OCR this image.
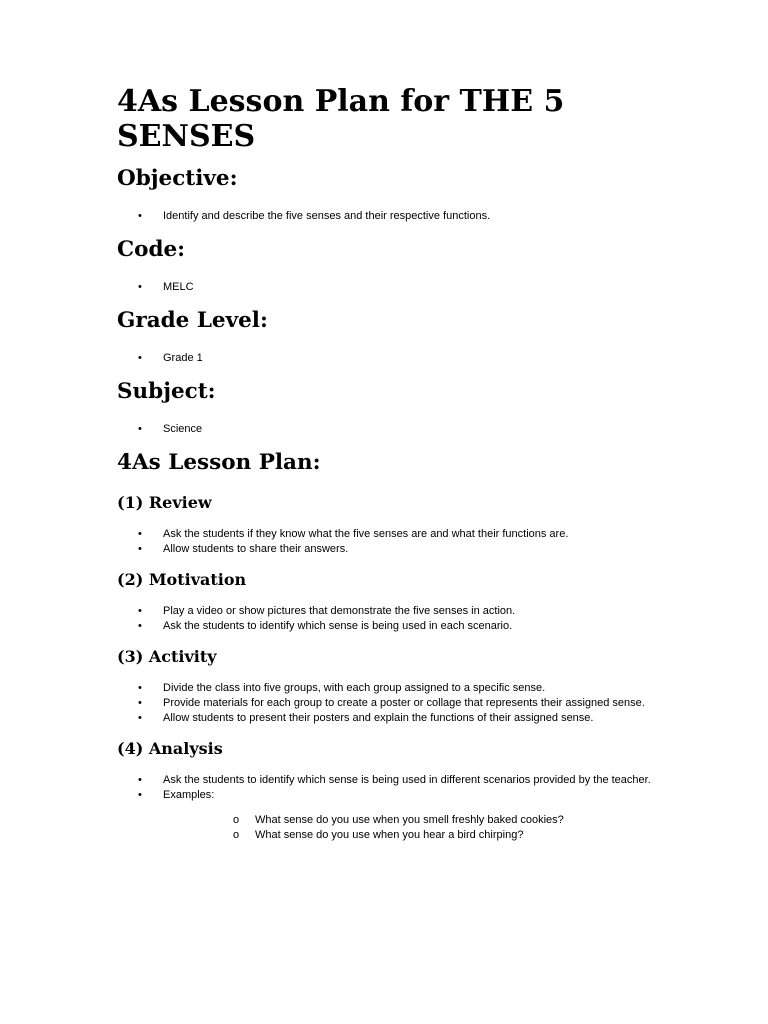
4As Lesson Plan for THE 5 SENSES
Objective:
• Identify and describe the five senses and their respective functions.
Code:
• MELC
Grade Level:
• Grade 1
Subject:
• Science
4As Lesson Plan:
(1) Review
• Ask the students if they know what the five senses are and what their functions are.
• Allow students to share their answers.
(2) Motivation
• Play a video or show pictures that demonstrate the five senses in action.
• Ask the students to identify which sense is being used in each scenario.
(3) Activity
• Divide the class into five groups, with each group assigned to a specific sense.
• Provide materials for each group to create a poster or collage that represents their assigned sense.
• Allow students to present their posters and explain the functions of their assigned sense.
(4) Analysis
• Ask the students to identify which sense is being used in different scenarios provided by the teacher.
• Examples:
o What sense do you use when you smell freshly baked cookies?
o What sense do you use when you hear a bird chirping?
